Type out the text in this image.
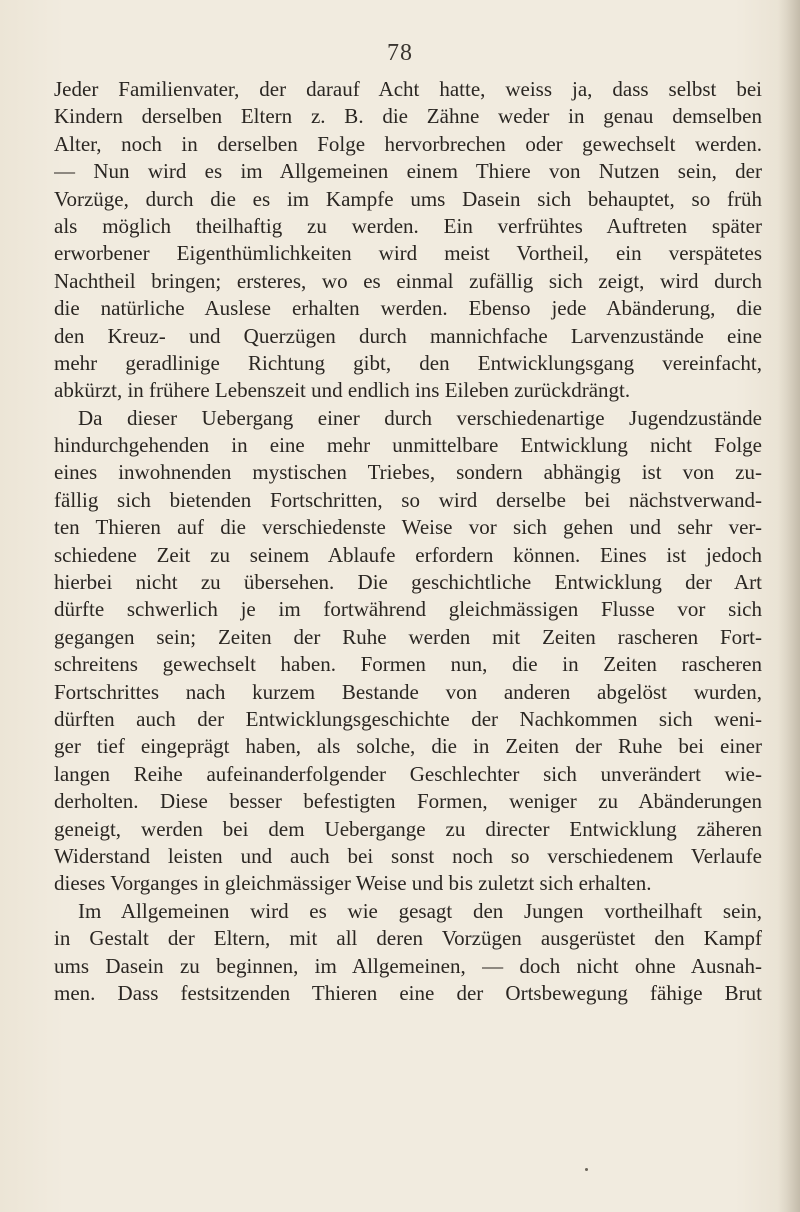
78
Jeder Familienvater, der darauf Acht hatte, weiss ja, dass selbst bei
Kindern derselben Eltern z. B. die Zähne weder in genau demselben
Alter, noch in derselben Folge hervorbrechen oder gewechselt werden.
— Nun wird es im Allgemeinen einem Thiere von Nutzen sein, der
Vorzüge, durch die es im Kampfe ums Dasein sich behauptet, so früh
als möglich theilhaftig zu werden. Ein verfrühtes Auftreten später
erworbener Eigenthümlichkeiten wird meist Vortheil, ein verspätetes
Nachtheil bringen; ersteres, wo es einmal zufällig sich zeigt, wird durch
die natürliche Auslese erhalten werden. Ebenso jede Abänderung, die
den Kreuz- und Querzügen durch mannichfache Larvenzustände eine
mehr geradlinige Richtung gibt, den Entwicklungsgang vereinfacht,
abkürzt, in frühere Lebenszeit und endlich ins Eileben zurückdrängt.
Da dieser Uebergang einer durch verschiedenartige Jugendzustände
hindurchgehenden in eine mehr unmittelbare Entwicklung nicht Folge
eines inwohnenden mystischen Triebes, sondern abhängig ist von zu-
fällig sich bietenden Fortschritten, so wird derselbe bei nächstverwand-
ten Thieren auf die verschiedenste Weise vor sich gehen und sehr ver-
schiedene Zeit zu seinem Ablaufe erfordern können. Eines ist jedoch
hierbei nicht zu übersehen. Die geschichtliche Entwicklung der Art
dürfte schwerlich je im fortwährend gleichmässigen Flusse vor sich
gegangen sein; Zeiten der Ruhe werden mit Zeiten rascheren Fort-
schreitens gewechselt haben. Formen nun, die in Zeiten rascheren
Fortschrittes nach kurzem Bestande von anderen abgelöst wurden,
dürften auch der Entwicklungsgeschichte der Nachkommen sich weni-
ger tief eingeprägt haben, als solche, die in Zeiten der Ruhe bei einer
langen Reihe aufeinanderfolgender Geschlechter sich unverändert wie-
derholten. Diese besser befestigten Formen, weniger zu Abänderungen
geneigt, werden bei dem Uebergange zu directer Entwicklung zäheren
Widerstand leisten und auch bei sonst noch so verschiedenem Verlaufe
dieses Vorganges in gleichmässiger Weise und bis zuletzt sich erhalten.
Im Allgemeinen wird es wie gesagt den Jungen vortheilhaft sein,
in Gestalt der Eltern, mit all deren Vorzügen ausgerüstet den Kampf
ums Dasein zu beginnen, im Allgemeinen, — doch nicht ohne Ausnah-
men. Dass festsitzenden Thieren eine der Ortsbewegung fähige Brut
